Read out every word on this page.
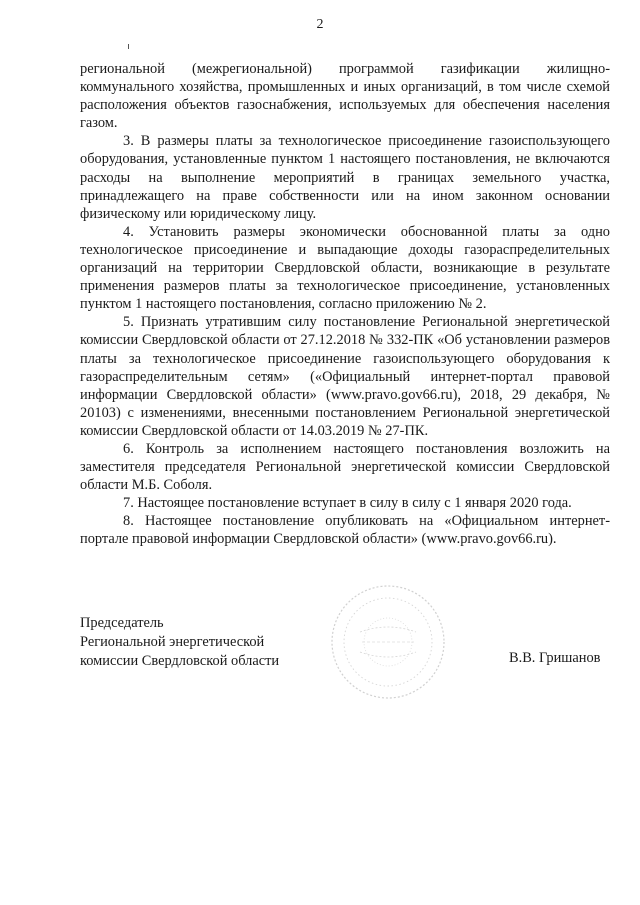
2

региональной (межрегиональной) программой газификации жилищно-коммунального хозяйства, промышленных и иных организаций, в том числе схемой расположения объектов газоснабжения, используемых для обеспечения населения газом.

3. В размеры платы за технологическое присоединение газоиспользующего оборудования, установленные пунктом 1 настоящего постановления, не включаются расходы на выполнение мероприятий в границах земельного участка, принадлежащего на праве собственности или на ином законном основании физическому или юридическому лицу.

4. Установить размеры экономически обоснованной платы за одно технологическое присоединение и выпадающие доходы газораспределительных организаций на территории Свердловской области, возникающие в результате применения размеров платы за технологическое присоединение, установленных пунктом 1 настоящего постановления, согласно приложению № 2.

5. Признать утратившим силу постановление Региональной энергетической комиссии Свердловской области от 27.12.2018 № 332-ПК «Об установлении размеров платы за технологическое присоединение газоиспользующего оборудования к газораспределительным сетям» («Официальный интернет-портал правовой информации Свердловской области» (www.pravo.gov66.ru), 2018, 29 декабря, № 20103) с изменениями, внесенными постановлением Региональной энергетической комиссии Свердловской области от 14.03.2019 № 27-ПК.

6. Контроль за исполнением настоящего постановления возложить на заместителя председателя Региональной энергетической комиссии Свердловской области М.Б. Соболя.

7. Настоящее постановление вступает в силу в силу с 1 января 2020 года.

8. Настоящее постановление опубликовать на «Официальном интернет-портале правовой информации Свердловской области» (www.pravo.gov66.ru).

Председатель
Региональной энергетической
комиссии Свердловской области	В.В. Гришанов
